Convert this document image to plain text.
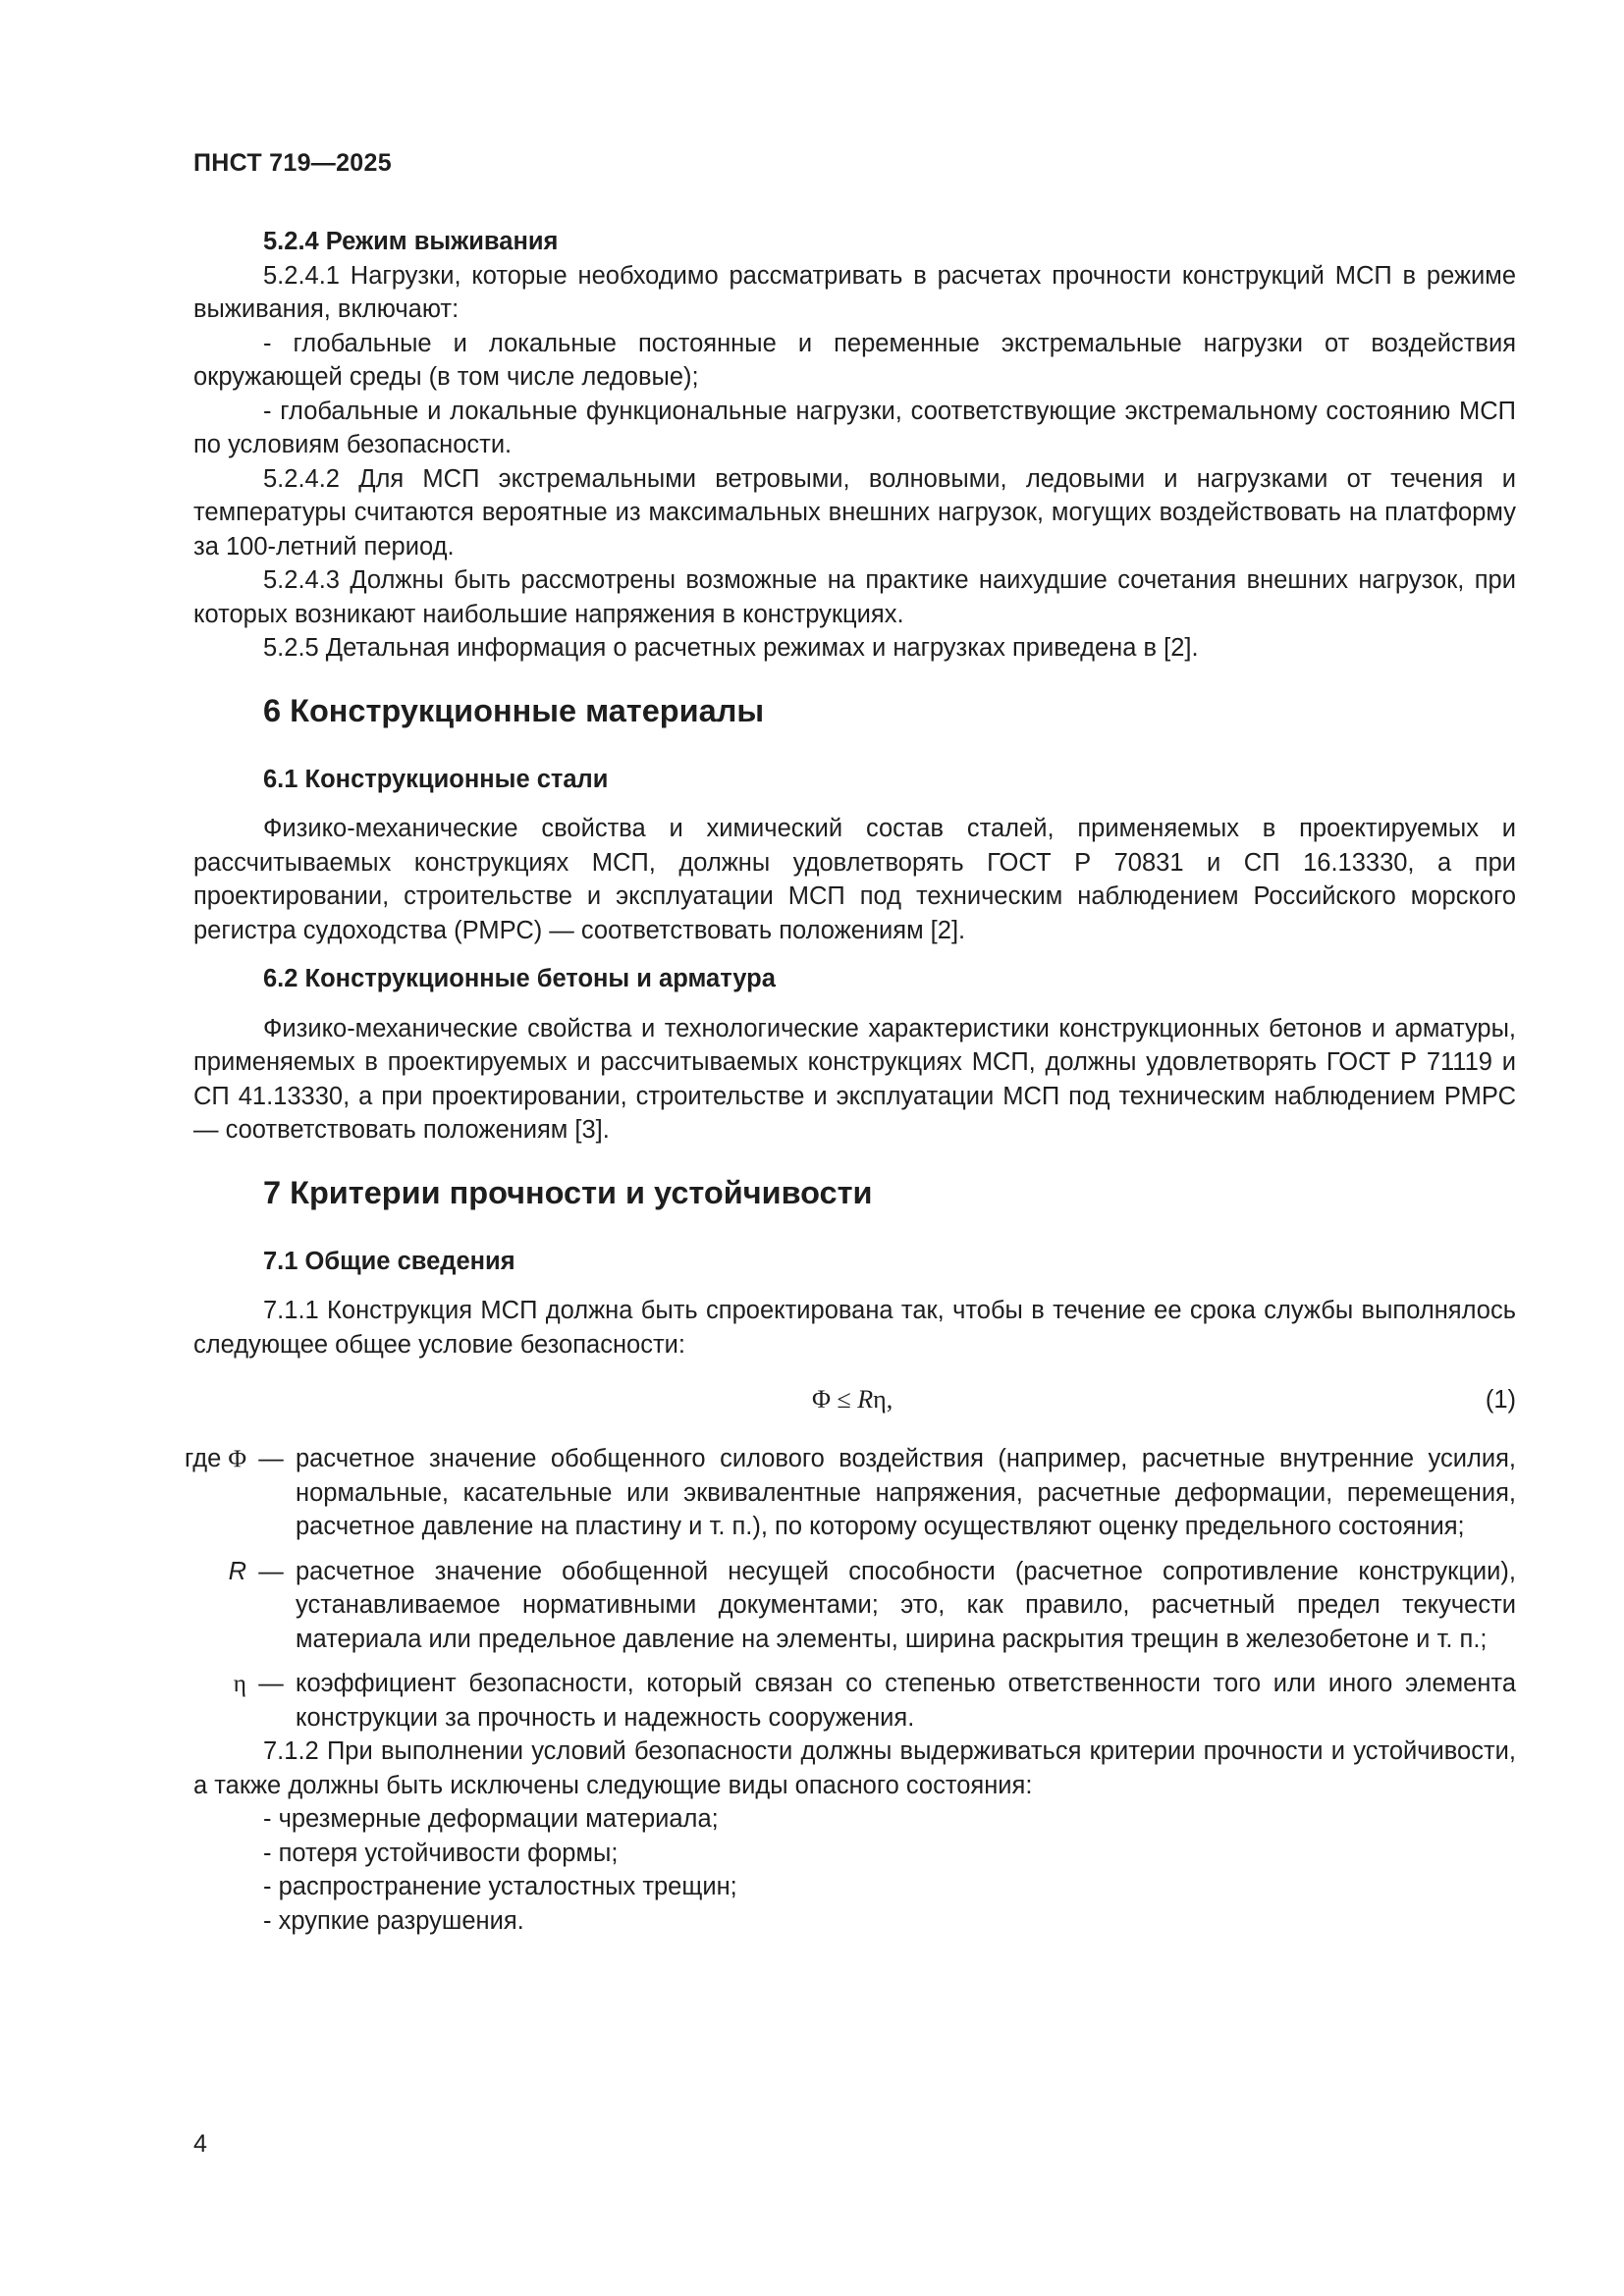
ПНСТ 719—2025

5.2.4 Режим выживания

5.2.4.1 Нагрузки, которые необходимо рассматривать в расчетах прочности конструкций МСП в режиме выживания, включают:

- глобальные и локальные постоянные и переменные экстремальные нагрузки от воздействия окружающей среды (в том числе ледовые);

- глобальные и локальные функциональные нагрузки, соответствующие экстремальному состоянию МСП по условиям безопасности.

5.2.4.2 Для МСП экстремальными ветровыми, волновыми, ледовыми и нагрузками от течения и температуры считаются вероятные из максимальных внешних нагрузок, могущих воздействовать на платформу за 100-летний период.

5.2.4.3 Должны быть рассмотрены возможные на практике наихудшие сочетания внешних нагрузок, при которых возникают наибольшие напряжения в конструкциях.

5.2.5 Детальная информация о расчетных режимах и нагрузках приведена в [2].

6 Конструкционные материалы

6.1 Конструкционные стали

Физико-механические свойства и химический состав сталей, применяемых в проектируемых и рассчитываемых конструкциях МСП, должны удовлетворять ГОСТ Р 70831 и СП 16.13330, а при проектировании, строительстве и эксплуатации МСП под техническим наблюдением Российского морского регистра судоходства (РМРС) — соответствовать положениям [2].

6.2 Конструкционные бетоны и арматура

Физико-механические свойства и технологические характеристики конструкционных бетонов и арматуры, применяемых в проектируемых и рассчитываемых конструкциях МСП, должны удовлетворять ГОСТ Р 71119 и СП 41.13330, а при проектировании, строительстве и эксплуатации МСП под техническим наблюдением РМРС — соответствовать положениям [3].

7 Критерии прочности и устойчивости

7.1 Общие сведения

7.1.1 Конструкция МСП должна быть спроектирована так, чтобы в течение ее срока службы выполнялось следующее общее условие безопасности:

Φ ≤ Rη,	(1)
где Φ — расчетное значение обобщенного силового воздействия (например, расчетные внутренние усилия, нормальные, касательные или эквивалентные напряжения, расчетные деформации, перемещения, расчетное давление на пластину и т. п.), по которому осуществляют оценку предельного состояния;
R — расчетное значение обобщенной несущей способности (расчетное сопротивление конструкции), устанавливаемое нормативными документами; это, как правило, расчетный предел текучести материала или предельное давление на элементы, ширина раскрытия трещин в железобетоне и т. п.;
η — коэффициент безопасности, который связан со степенью ответственности того или иного элемента конструкции за прочность и надежность сооружения.

7.1.2 При выполнении условий безопасности должны выдерживаться критерии прочности и устойчивости, а также должны быть исключены следующие виды опасного состояния:

- чрезмерные деформации материала;

- потеря устойчивости формы;

- распространение усталостных трещин;

- хрупкие разрушения.

4
